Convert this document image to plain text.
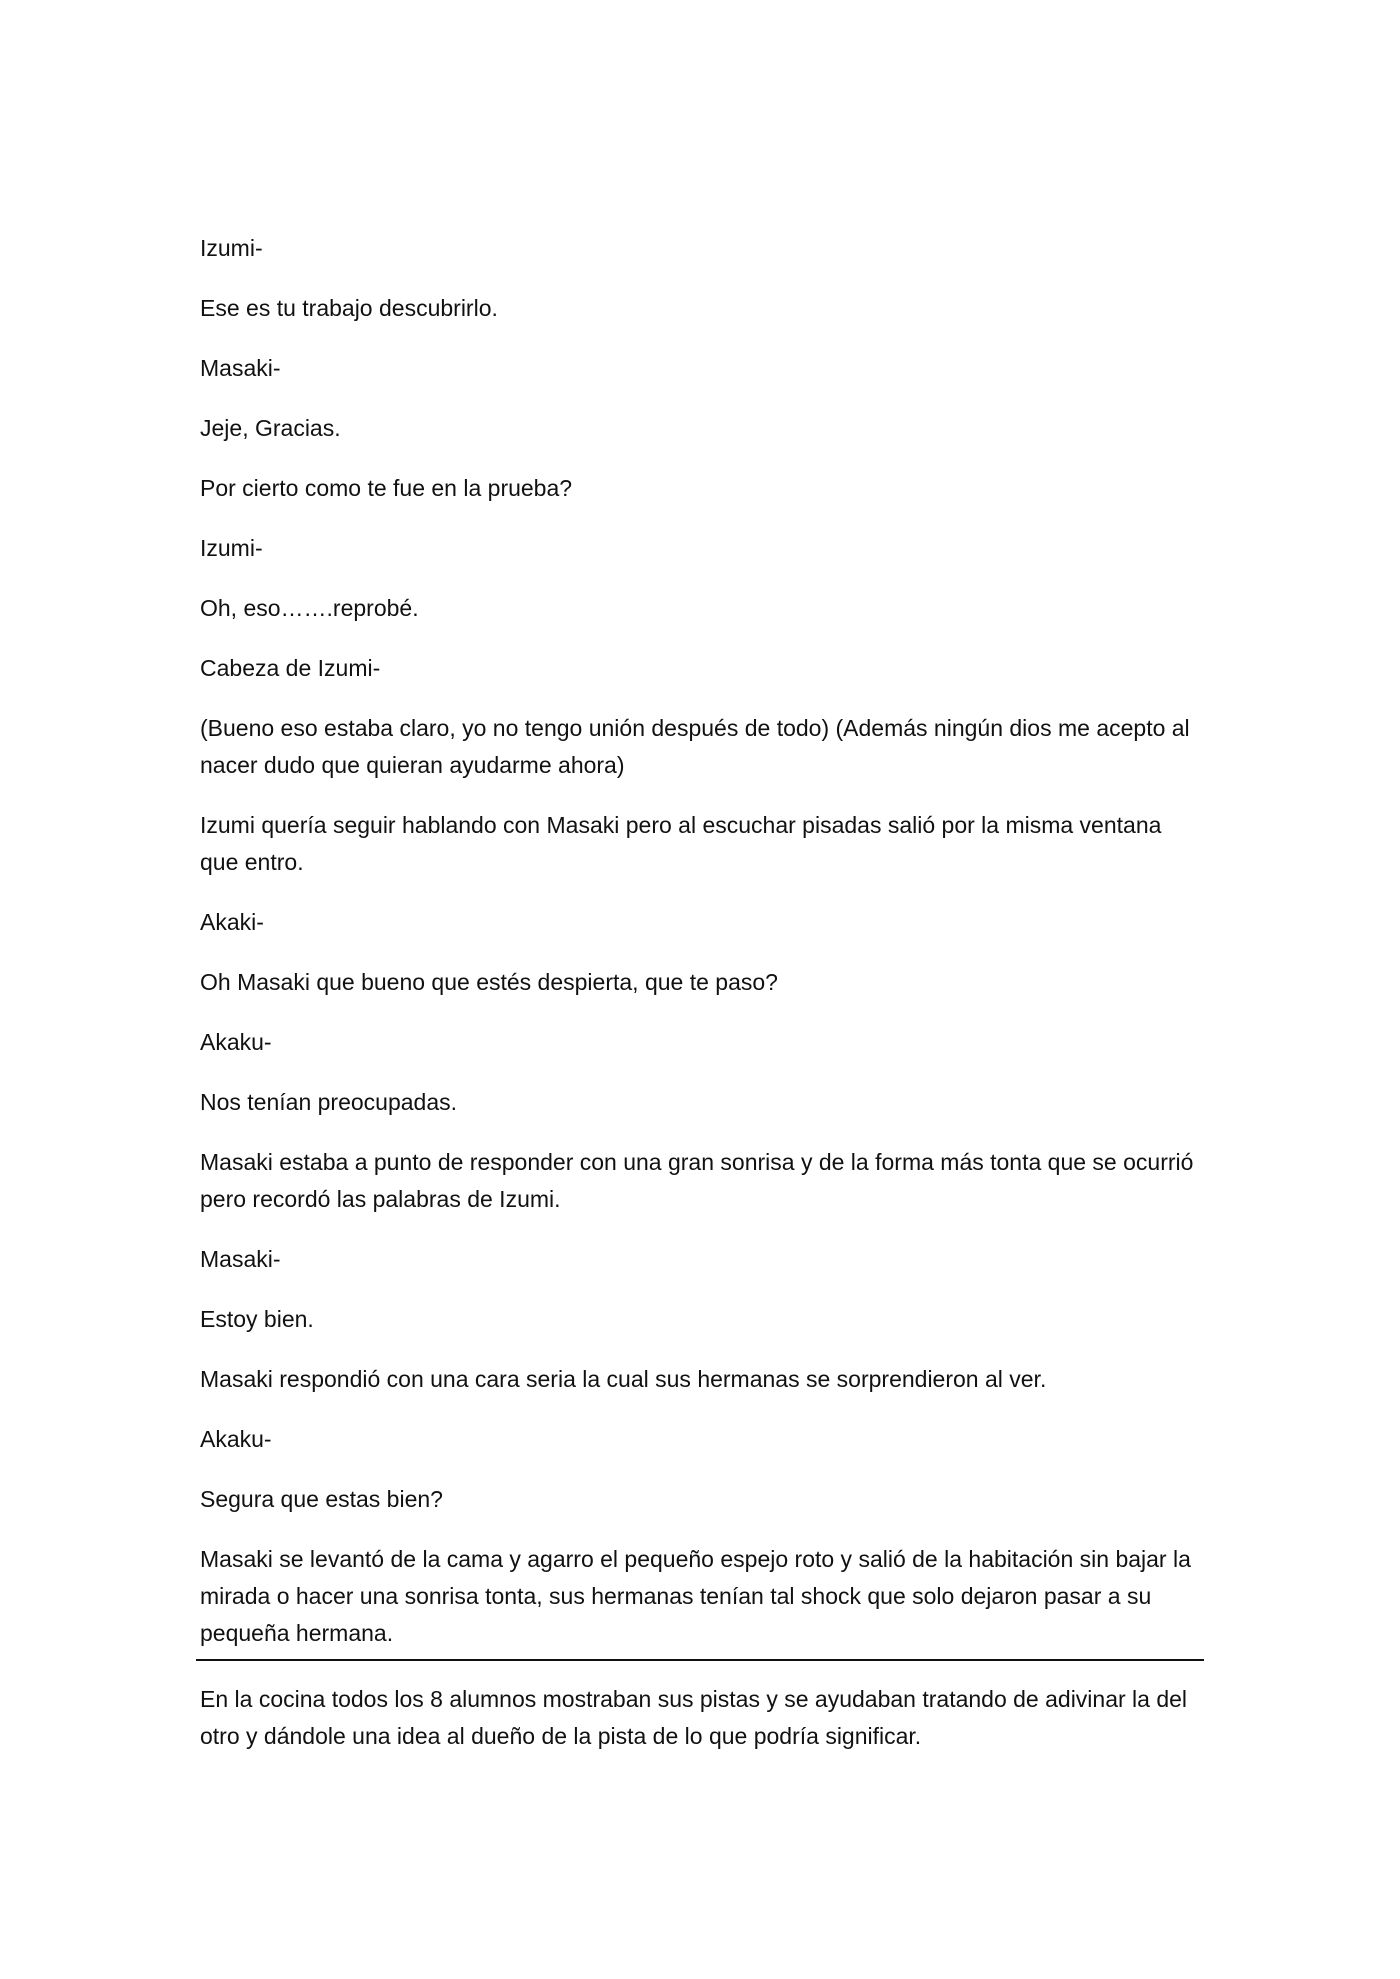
Izumi-

Ese es tu trabajo descubrirlo.

Masaki-

Jeje, Gracias.

Por cierto como te fue en la prueba?

Izumi-

Oh, eso…….reprobé.

Cabeza de Izumi-

(Bueno eso estaba claro, yo no tengo unión después de todo) (Además ningún dios me acepto al nacer dudo que quieran ayudarme ahora)

Izumi quería seguir hablando con Masaki pero al escuchar pisadas salió por la misma ventana que entro.

Akaki-

Oh Masaki que bueno que estés despierta, que te paso?

Akaku-

Nos tenían preocupadas.

Masaki estaba a punto de responder con una gran sonrisa y de la forma más tonta que se ocurrió pero recordó las palabras de Izumi.

Masaki-

Estoy bien.

Masaki respondió con una cara seria la cual sus hermanas se sorprendieron al ver.

Akaku-

Segura que estas bien?

Masaki se levantó de la cama y agarro el pequeño espejo roto y salió de la habitación sin bajar la mirada o hacer una sonrisa tonta, sus hermanas tenían tal shock que solo dejaron pasar a su pequeña hermana.

En la cocina todos los 8 alumnos mostraban sus pistas y se ayudaban tratando de adivinar la del otro y dándole una idea al dueño de la pista de lo que podría significar.
